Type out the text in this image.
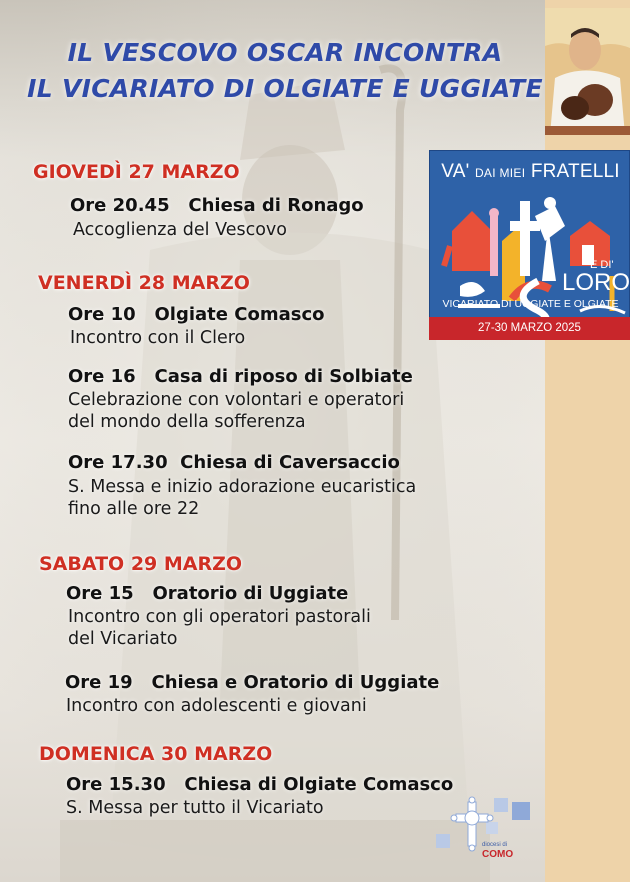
IL VESCOVO OSCAR INCONTRA
IL VICARIATO DI OLGIATE E UGGIATE
VA' DAI MIEI FRATELLI
E DI'
LORO
VICARIATO DI UGGIATE E OLGIATE
27-30 MARZO 2025
GIOVEDÌ 27 MARZO
Ore 20.45   Chiesa di Ronago
Accoglienza del Vescovo
VENERDÌ 28 MARZO
Ore 10   Olgiate Comasco
Incontro con il Clero
Ore 16   Casa di riposo di Solbiate
Celebrazione con volontari e operatori
del mondo della sofferenza
Ore 17.30  Chiesa di Caversaccio
S. Messa e inizio adorazione eucaristica
fino alle ore 22
SABATO 29 MARZO
Ore 15   Oratorio di Uggiate
Incontro con gli operatori pastorali
del Vicariato
Ore 19   Chiesa e Oratorio di Uggiate
Incontro con adolescenti e giovani
DOMENICA 30 MARZO
Ore 15.30   Chiesa di Olgiate Comasco
S. Messa per tutto il Vicariato
diocesi di
COMO
